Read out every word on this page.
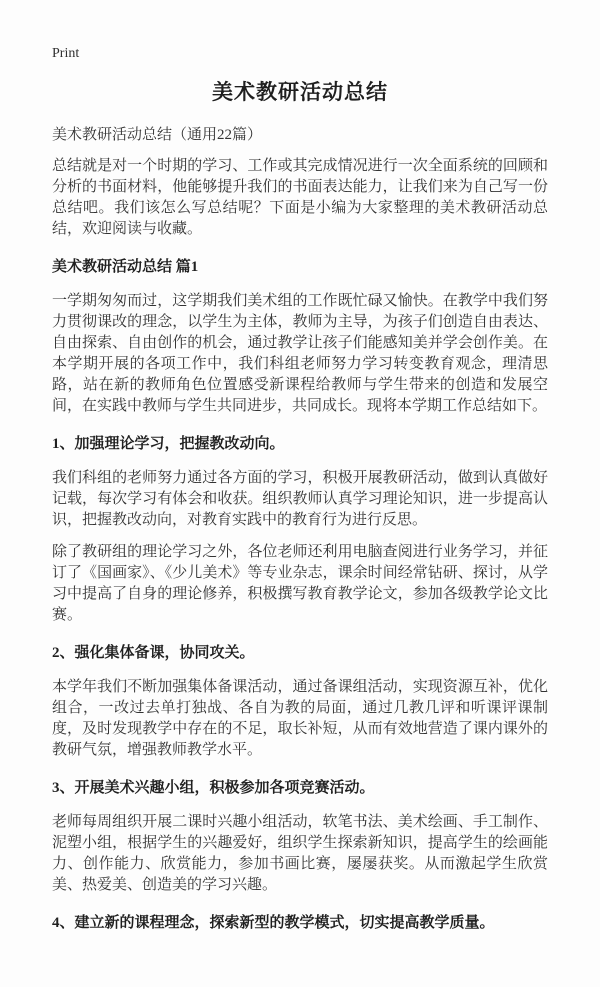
Print
美术教研活动总结
美术教研活动总结（通用22篇）

总结就是对一个时期的学习、工作或其完成情况进行一次全面系统的回顾和分析的书面材料，他能够提升我们的书面表达能力，让我们来为自己写一份总结吧。我们该怎么写总结呢？下面是小编为大家整理的美术教研活动总结，欢迎阅读与收藏。

美术教研活动总结 篇1

一学期匆匆而过，这学期我们美术组的工作既忙碌又愉快。在教学中我们努力贯彻课改的理念，以学生为主体，教师为主导，为孩子们创造自由表达、自由探索、自由创作的机会，通过教学让孩子们能感知美并学会创作美。在本学期开展的各项工作中，我们科组老师努力学习转变教育观念，理清思路，站在新的教师角色位置感受新课程给教师与学生带来的创造和发展空间，在实践中教师与学生共同进步，共同成长。现将本学期工作总结如下。

1、加强理论学习，把握教改动向。

我们科组的老师努力通过各方面的学习，积极开展教研活动，做到认真做好记载，每次学习有体会和收获。组织教师认真学习理论知识，进一步提高认识，把握教改动向，对教育实践中的教育行为进行反思。

除了教研组的理论学习之外，各位老师还利用电脑查阅进行业务学习，并征订了《国画家》、《少儿美术》等专业杂志，课余时间经常钻研、探讨，从学习中提高了自身的理论修养，积极撰写教育教学论文，参加各级教学论文比赛。

2、强化集体备课，协同攻关。

本学年我们不断加强集体备课活动，通过备课组活动，实现资源互补，优化组合，一改过去单打独战、各自为教的局面，通过几教几评和听课评课制度，及时发现教学中存在的不足，取长补短，从而有效地营造了课内课外的教研气氛，增强教师教学水平。

3、开展美术兴趣小组，积极参加各项竞赛活动。

老师每周组织开展二课时兴趣小组活动，软笔书法、美术绘画、手工制作、泥塑小组，根据学生的兴趣爱好，组织学生探索新知识，提高学生的绘画能力、创作能力、欣赏能力，参加书画比赛，屡屡获奖。从而激起学生欣赏美、热爱美、创造美的学习兴趣。

4、建立新的课程理念，探索新型的教学模式，切实提高教学质量。
